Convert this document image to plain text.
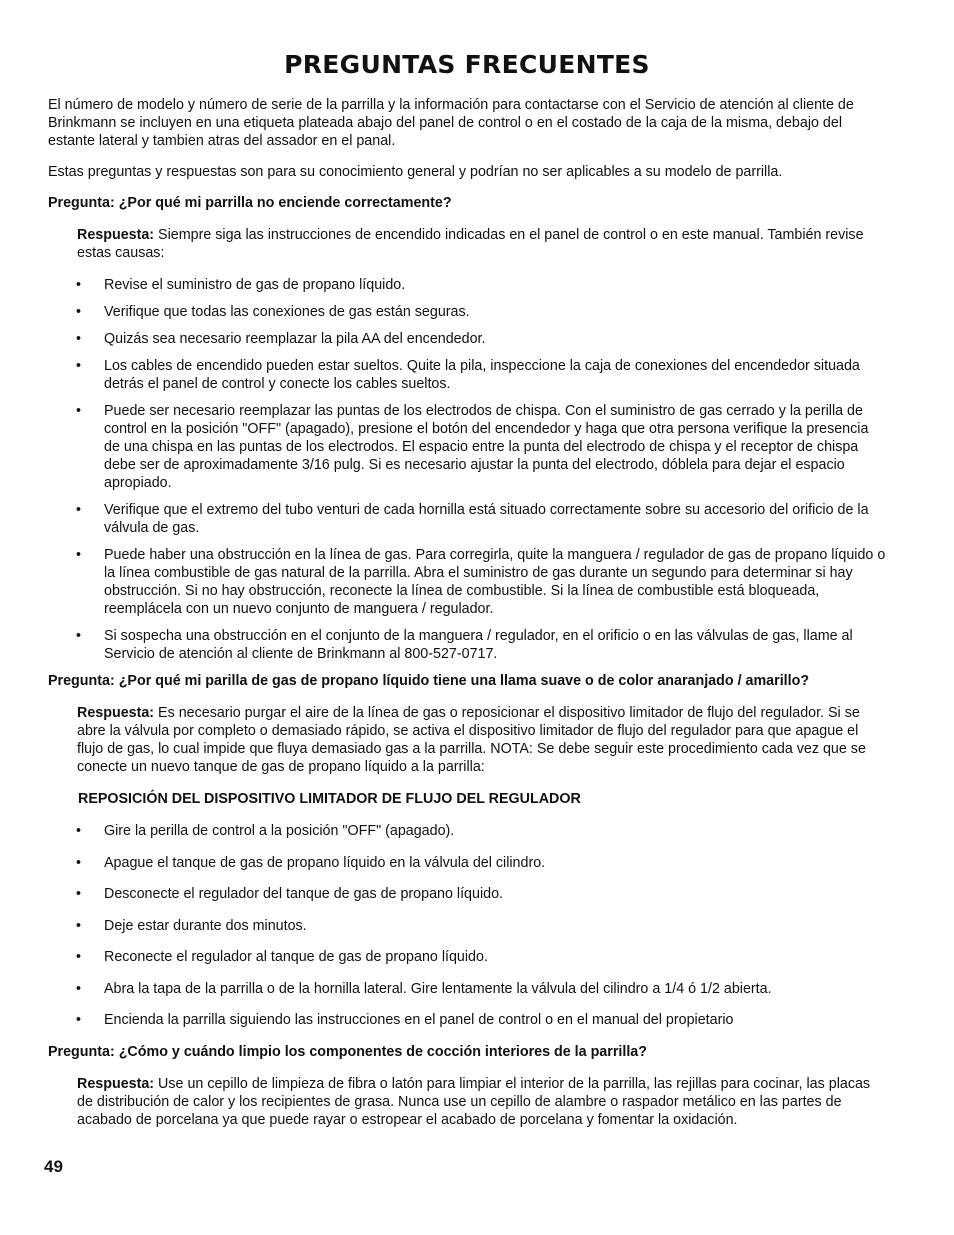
PREGUNTAS FRECUENTES

El número de modelo y número de serie de la parrilla y la información para contactarse con el Servicio de atención al cliente de Brinkmann se incluyen en una etiqueta plateada abajo del panel de control o en el costado de la caja de la misma, debajo del estante lateral y tambien atras del assador en el panal.

Estas preguntas y respuestas son para su conocimiento general y podrían no ser aplicables a su modelo de parrilla.

Pregunta: ¿Por qué mi parrilla no enciende correctamente?

Respuesta: Siempre siga las instrucciones de encendido indicadas en el panel de control o en este manual. También revise estas causas:

• Revise el suministro de gas de propano líquido.
• Verifique que todas las conexiones de gas están seguras.
• Quizás sea necesario reemplazar la pila AA del encendedor.
• Los cables de encendido pueden estar sueltos. Quite la pila, inspeccione la caja de conexiones del encendedor situada detrás el panel de control y conecte los cables sueltos.
• Puede ser necesario reemplazar las puntas de los electrodos de chispa. Con el suministro de gas cerrado y la perilla de control en la posición "OFF" (apagado), presione el botón del encendedor y haga que otra persona verifique la presencia de una chispa en las puntas de los electrodos. El espacio entre la punta del electrodo de chispa y el receptor de chispa debe ser de aproximadamente 3/16 pulg. Si es necesario ajustar la punta del electrodo, dóblela para dejar el espacio apropiado.
• Verifique que el extremo del tubo venturi de cada hornilla está situado correctamente sobre su accesorio del orificio de la válvula de gas.
• Puede haber una obstrucción en la línea de gas. Para corregirla, quite la manguera / regulador de gas de propano líquido o la línea combustible de gas natural de la parrilla. Abra el suministro de gas durante un segundo para determinar si hay obstrucción. Si no hay obstrucción, reconecte la línea de combustible. Si la línea de combustible está bloqueada, reemplácela con un nuevo conjunto de manguera / regulador.
• Si sospecha una obstrucción en el conjunto de la manguera / regulador, en el orificio o en las válvulas de gas, llame al Servicio de atención al cliente de Brinkmann al 800-527-0717.

Pregunta: ¿Por qué mi parilla de gas de propano líquido tiene una llama suave o de color anaranjado / amarillo?

Respuesta: Es necesario purgar el aire de la línea de gas o reposicionar el dispositivo limitador de flujo del regulador. Si se abre la válvula por completo o demasiado rápido, se activa el dispositivo limitador de flujo del regulador para que apague el flujo de gas, lo cual impide que fluya demasiado gas a la parrilla. NOTA: Se debe seguir este procedimiento cada vez que se conecte un nuevo tanque de gas de propano líquido a la parrilla:

REPOSICIÓN DEL DISPOSITIVO LIMITADOR DE FLUJO DEL REGULADOR

• Gire la perilla de control a la posición "OFF" (apagado).
• Apague el tanque de gas de propano líquido en la válvula del cilindro.
• Desconecte el regulador del tanque de gas de propano líquido.
• Deje estar durante dos minutos.
• Reconecte el regulador al tanque de gas de propano líquido.
• Abra la tapa de la parrilla o de la hornilla lateral. Gire lentamente la válvula del cilindro a 1/4 ó 1/2 abierta.
• Encienda la parrilla siguiendo las instrucciones en el panel de control o en el manual del propietario

Pregunta: ¿Cómo y cuándo limpio los componentes de cocción interiores de la parrilla?

Respuesta: Use un cepillo de limpieza de fibra o latón para limpiar el interior de la parrilla, las rejillas para cocinar, las placas de distribución de calor y los recipientes de grasa. Nunca use un cepillo de alambre o raspador metálico en las partes de acabado de porcelana ya que puede rayar o estropear el acabado de porcelana y fomentar la oxidación.

49
